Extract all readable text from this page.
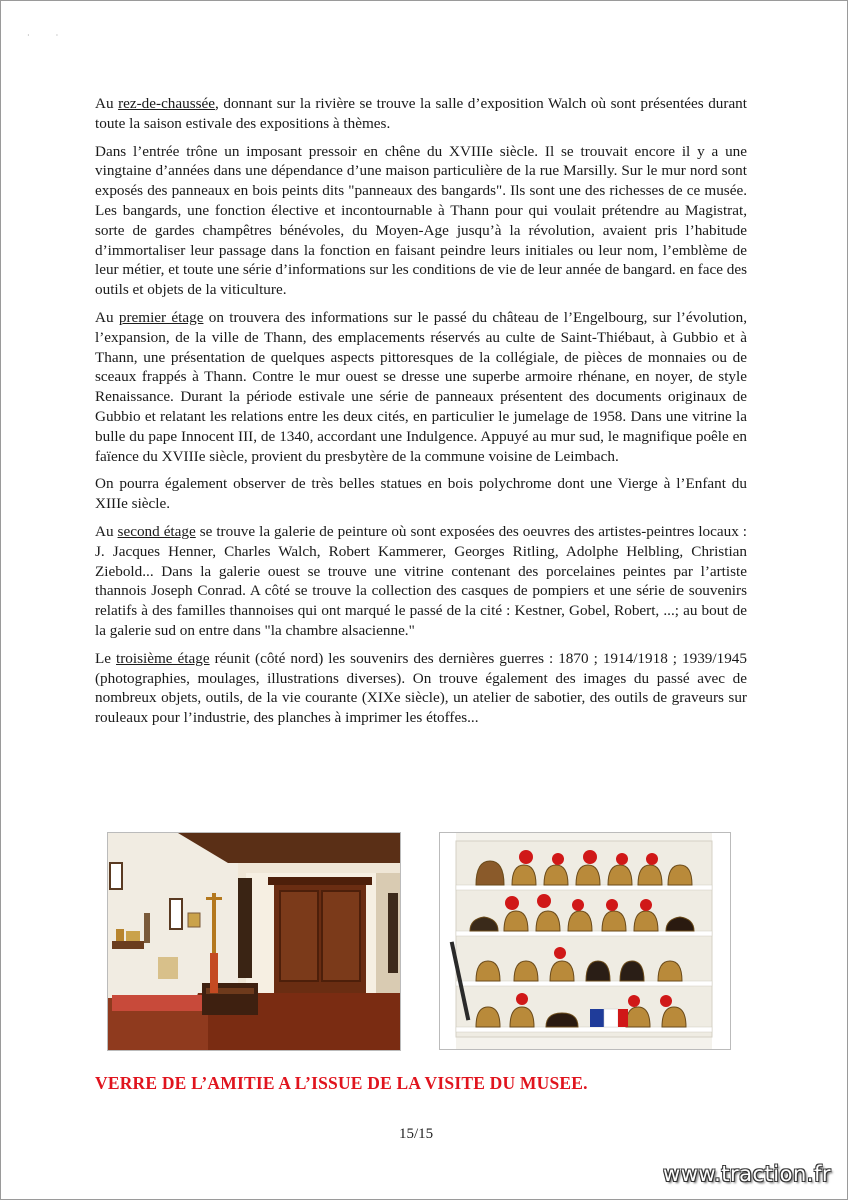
· ·

Au rez-de-chaussée, donnant sur la rivière se trouve la salle d’exposition Walch où sont présentées durant toute la saison estivale des expositions à thèmes.

Dans l’entrée trône un imposant pressoir en chêne du XVIIIe siècle. Il se trouvait encore il y a une vingtaine d’années dans une dépendance d’une maison particulière de la rue Marsilly. Sur le mur nord sont exposés des panneaux en bois peints dits "panneaux des bangards". Ils sont une des richesses de ce musée. Les bangards, une fonction élective et incontournable à Thann pour qui voulait prétendre au Magistrat, sorte de gardes champêtres bénévoles, du Moyen-Age jusqu’à la révolution, avaient pris l’habitude d’immortaliser leur passage dans la fonction en faisant peindre leurs initiales ou leur nom, l’emblème de leur métier, et toute une série d’informations sur les conditions de vie de leur année de bangard. en face des outils et objets de la viticulture.

Au premier étage on trouvera des informations sur le passé du château de l’Engelbourg, sur l’évolution, l’expansion, de la ville de Thann, des emplacements réservés au culte de Saint-Thiébaut, à Gubbio et à Thann, une présentation de quelques aspects pittoresques de la collégiale, de pièces de monnaies ou de sceaux frappés à Thann. Contre le mur ouest se dresse une superbe armoire rhénane, en noyer, de style Renaissance. Durant la période estivale une série de panneaux présentent des documents originaux de Gubbio et relatant les relations entre les deux cités, en particulier le jumelage de 1958. Dans une vitrine la bulle du pape Innocent III, de 1340, accordant une Indulgence. Appuyé au mur sud, le magnifique poêle en faïence du XVIIIe siècle, provient du presbytère de la commune voisine de Leimbach.

On pourra également observer de très belles statues en bois polychrome dont une Vierge à l’Enfant du XIIIe siècle.

Au second étage se trouve la galerie de peinture où sont exposées des oeuvres des artistes-peintres locaux : J. Jacques Henner, Charles Walch, Robert Kammerer, Georges Ritling, Adolphe Helbling, Christian Ziebold... Dans la galerie ouest se trouve une vitrine contenant des porcelaines peintes par l’artiste thannois Joseph Conrad. A côté se trouve la collection des casques de pompiers et une série de souvenirs relatifs à des familles thannoises qui ont marqué le passé de la cité : Kestner, Gobel, Robert, ...; au bout de la galerie sud on entre dans "la chambre alsacienne."

Le troisième étage réunit (côté nord) les souvenirs des dernières guerres : 1870 ; 1914/1918 ; 1939/1945 (photographies, moulages, illustrations diverses). On trouve également des images du passé avec de nombreux objets, outils, de la vie courante (XIXe siècle), un atelier de sabotier, des outils de graveurs sur rouleaux pour l’industrie, des planches à imprimer les étoffes...

VERRE DE L’AMITIE A L’ISSUE DE LA VISITE DU MUSEE.
15/15
www.traction.fr
